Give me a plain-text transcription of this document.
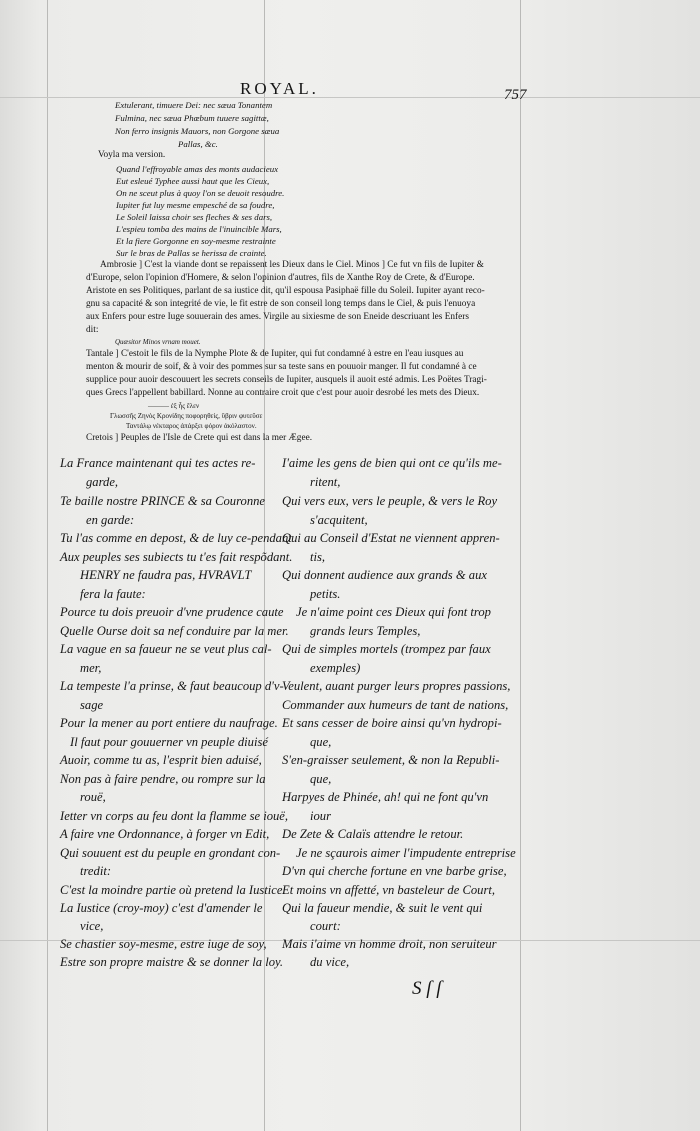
ROYAL.	757
Extulerant, timuere Dei: nec sæua Tonantem
Fulmina, nec sæua Phœbum tuuere sagittæ,
Non ferro insignis Mauors, non Gorgone sæua
Pallas, &c.
Voyla ma version.
Quand l'effroyable amas des monts audacieux
Eut esleué Typhee aussi haut que les Cieux,
On ne sceut plus à quoy l'on se deuoit resoudre.
Iupiter fut luy mesme empesché de sa foudre,
Le Soleil laissa choir ses fleches & ses dars,
L'espieu tomba des mains de l'inuincible Mars,
Et la fiere Gorgonne en soy-mesme restrainte
Sur le bras de Pallas se herissa de crainte.
Ambrosie ] C'est la viande dont se repaissent les Dieux dans le Ciel. Minos ] Ce fut vn fils de Iupiter &
d'Europe, selon l'opinion d'Homere, & selon l'opinion d'autres, fils de Xanthe Roy de Crete, & d'Europe.
Aristote en ses Politiques, parlant de sa iustice dit, qu'il espousa Pasiphaë fille du Soleil. Iupiter ayant reco-
gnu sa capacité & son integrité de vie, le fit estre de son conseil long temps dans le Ciel, & puis l'enuoya
aux Enfers pour estre Iuge souuerain des ames. Virgile au sixiesme de son Eneide descriuant les Enfers
dit:
Quæsitor Minos vrnam mouet.
Tantale ] C'estoit le fils de la Nymphe Plote & de Iupiter, qui fut condamné à estre en l'eau iusques au
menton & mourir de soif, & à voir des pommes sur sa teste sans en pouuoir manger. Il fut condamné à ce
supplice pour auoir descouuert les secrets conseils de Iupiter, ausquels il auoit esté admis. Les Poëtes Tragi-
ques Grecs l'appellent babillard. Nonne au contraire croit que c'est pour auoir desrobé les mets des Dieux.
——— ἐξ ἧς ἔλεν
Γλωσσῆς Ζηνὸς Κρονίδης ποφορηθείς, ὕβριν φυτεῦσε
Ταντάλῳ νέκταρος ἀπάρξει φόρον ἀκόλαστον.
Cretois ] Peuples de l'Isle de Crete qui est dans la mer Ægee.
La France maintenant qui tes actes re-
garde,
Te baille nostre PRINCE & sa Couronne
en garde:
Tu l'as comme en depost, & de luy ce-pendant
Aux peuples ses subiects tu t'es fait respõdant.
HENRY ne faudra pas, HVRAVLT
fera la faute:
Pource tu dois preuoir d'vne prudence caute
Quelle Ourse doit sa nef conduire par la mer.
La vague en sa faueur ne se veut plus cal-
mer,
La tempeste l'a prinse, & faut beaucoup d'v-
sage
Pour la mener au port entiere du naufrage.
Il faut pour gouuerner vn peuple diuisé
Auoir, comme tu as, l'esprit bien aduisé,
Non pas à faire pendre, ou rompre sur la
rouë,
Ietter vn corps au feu dont la flamme se iouë,
A faire vne Ordonnance, à forger vn Edit,
Qui souuent est du peuple en grondant con-
tredit:
C'est la moindre partie où pretend la Iustice.
La Iustice (croy-moy) c'est d'amender le
vice,
Se chastier soy-mesme, estre iuge de soy,
Estre son propre maistre & se donner la loy.
I'aime les gens de bien qui ont ce qu'ils me-
ritent,
Qui vers eux, vers le peuple, & vers le Roy
s'acquitent,
Qui au Conseil d'Estat ne viennent appren-
tis,
Qui donnent audience aux grands & aux
petits.
Je n'aime point ces Dieux qui font trop
grands leurs Temples,
Qui de simples mortels (trompez par faux
exemples)
Veulent, auant purger leurs propres passions,
Commander aux humeurs de tant de nations,
Et sans cesser de boire ainsi qu'vn hydropi-
que,
S'en-graisser seulement, & non la Republi-
que,
Harpyes de Phinée, ah! qui ne font qu'vn
iour
De Zete & Calaïs attendre le retour.
Je ne sçaurois aimer l'impudente entreprise
D'vn qui cherche fortune en vne barbe grise,
Et moins vn affetté, vn basteleur de Court,
Qui la faueur mendie, & suit le vent qui
court:
Mais i'aime vn homme droit, non seruiteur
du vice,
S ſ ſ
